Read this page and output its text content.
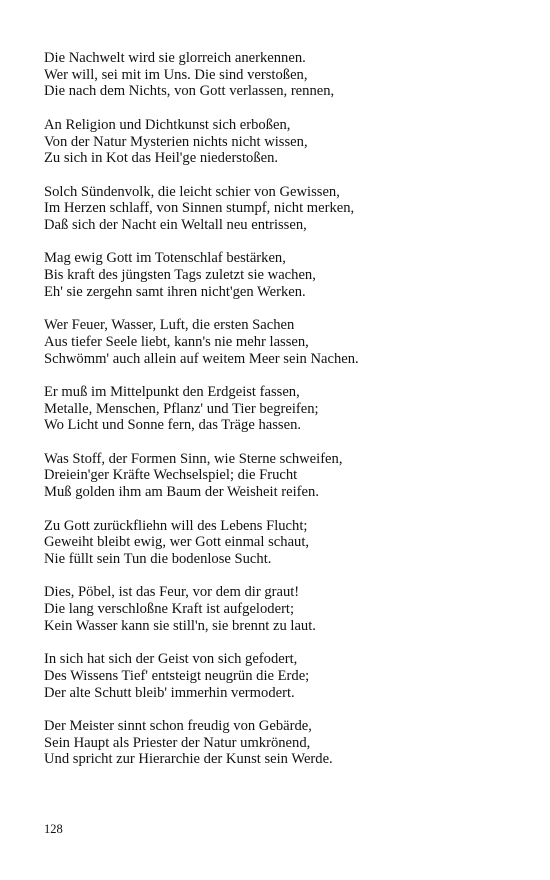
Die Nachwelt wird sie glorreich anerkennen.
Wer will, sei mit im Uns. Die sind verstoßen,
Die nach dem Nichts, von Gott verlassen, rennen,
An Religion und Dichtkunst sich erboßen,
Von der Natur Mysterien nichts nicht wissen,
Zu sich in Kot das Heil'ge niederstoßen.
Solch Sündenvolk, die leicht schier von Gewissen,
Im Herzen schlaff, von Sinnen stumpf, nicht merken,
Daß sich der Nacht ein Weltall neu entrissen,
Mag ewig Gott im Totenschlaf bestärken,
Bis kraft des jüngsten Tags zuletzt sie wachen,
Eh' sie zergehn samt ihren nicht'gen Werken.
Wer Feuer, Wasser, Luft, die ersten Sachen
Aus tiefer Seele liebt, kann's nie mehr lassen,
Schwömm' auch allein auf weitem Meer sein Nachen.
Er muß im Mittelpunkt den Erdgeist fassen,
Metalle, Menschen, Pflanz' und Tier begreifen;
Wo Licht und Sonne fern, das Träge hassen.
Was Stoff, der Formen Sinn, wie Sterne schweifen,
Dreiein'ger Kräfte Wechselspiel; die Frucht
Muß golden ihm am Baum der Weisheit reifen.
Zu Gott zurückfliehn will des Lebens Flucht;
Geweiht bleibt ewig, wer Gott einmal schaut,
Nie füllt sein Tun die bodenlose Sucht.
Dies, Pöbel, ist das Feur, vor dem dir graut!
Die lang verschloßne Kraft ist aufgelodert;
Kein Wasser kann sie still'n, sie brennt zu laut.
In sich hat sich der Geist von sich gefodert,
Des Wissens Tief' entsteigt neugrün die Erde;
Der alte Schutt bleib' immerhin vermodert.
Der Meister sinnt schon freudig von Gebärde,
Sein Haupt als Priester der Natur umkrönend,
Und spricht zur Hierarchie der Kunst sein Werde.
128
